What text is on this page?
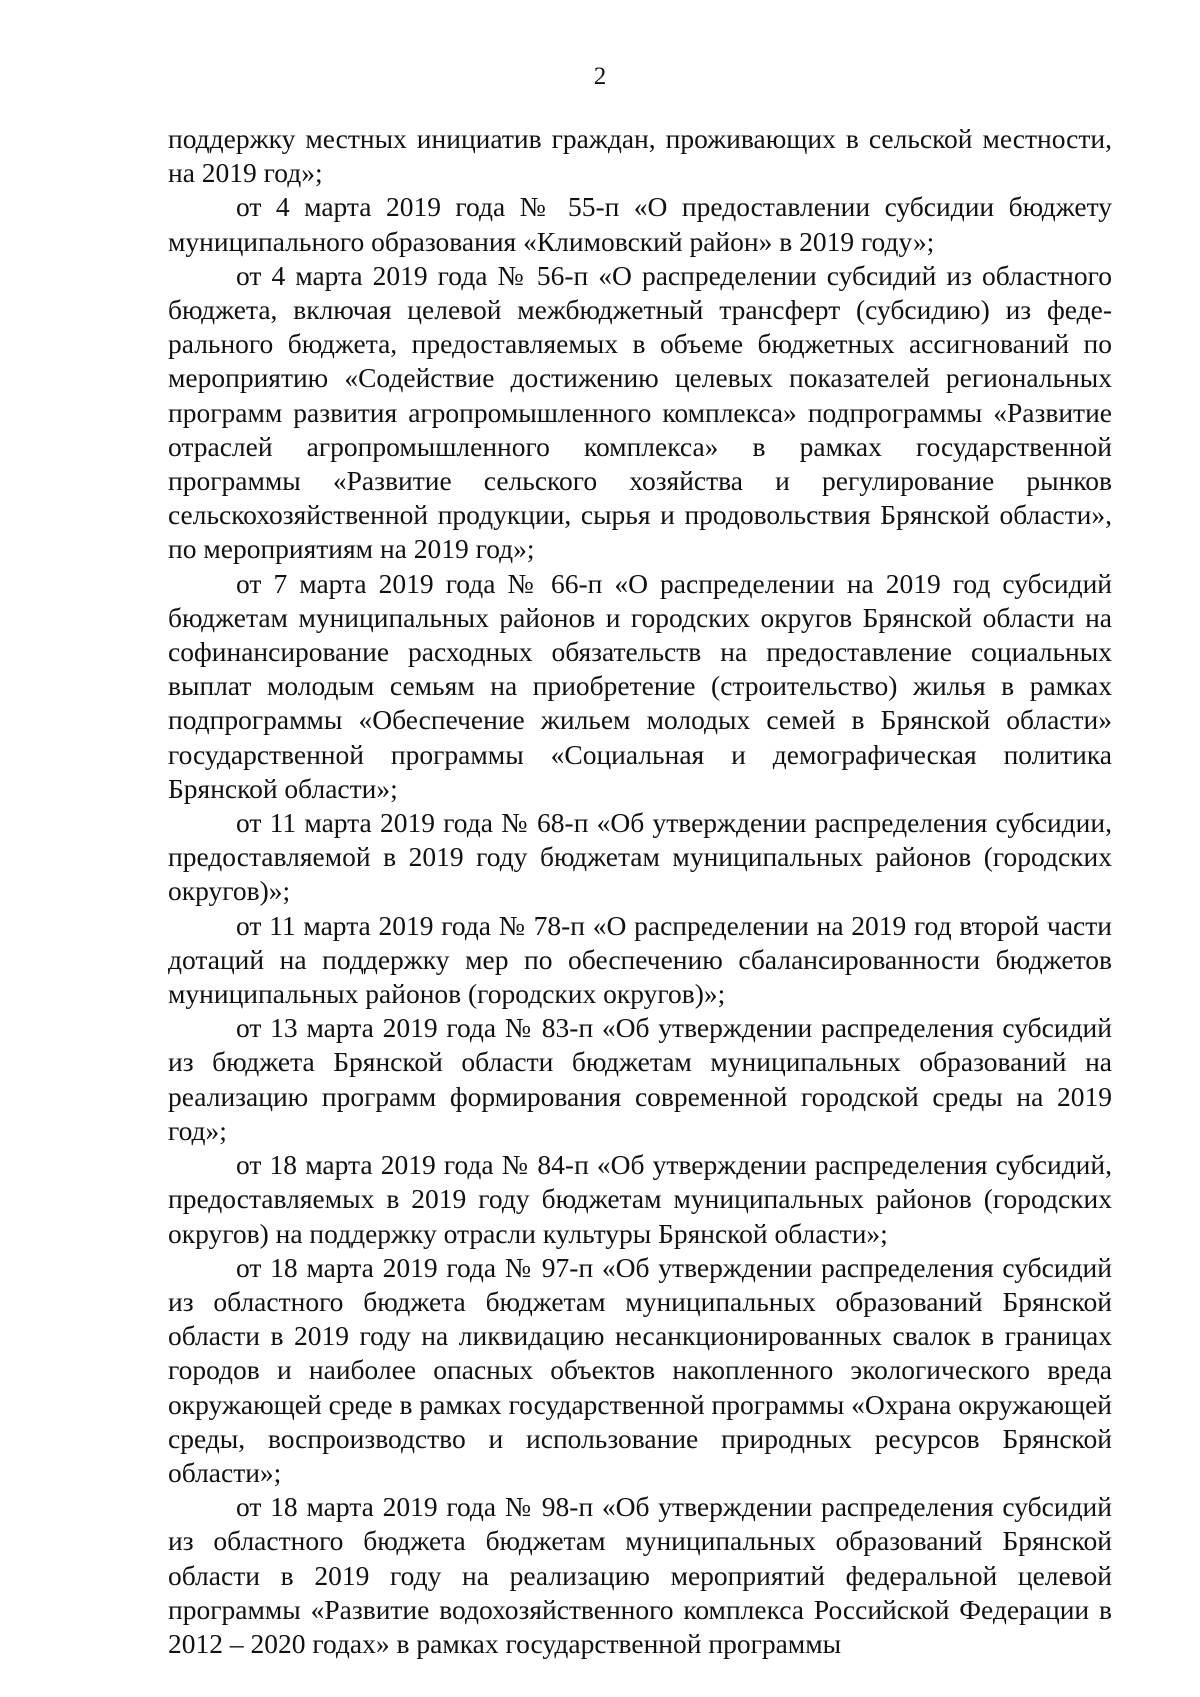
2

поддержку местных инициатив граждан, проживающих в сельской местности, на 2019 год»;

от 4 марта 2019 года № 55-п «О предоставлении субсидии бюджету муниципального образования «Климовский район» в 2019 году»;

от 4 марта 2019 года № 56-п «О распределении субсидий из областного бюджета, включая целевой межбюджетный трансферт (субсидию) из федерального бюджета, предоставляемых в объеме бюджетных ассигнований по мероприятию «Содействие достижению целевых показателей региональных программ развития агропромышленного комплекса» подпрограммы «Развитие отраслей агропромышленного комплекса» в рамках государственной программы «Развитие сельского хозяйства и регулирование рынков сельскохозяйственной продукции, сырья и продовольствия Брянской области», по мероприятиям на 2019 год»;

от 7 марта 2019 года № 66-п «О распределении на 2019 год субсидий бюджетам муниципальных районов и городских округов Брянской области на софинансирование расходных обязательств на предоставление социальных выплат молодым семьям на приобретение (строительство) жилья в рамках подпрограммы «Обеспечение жильем молодых семей в Брянской области» государственной программы «Социальная и демографическая политика Брянской области»;

от 11 марта 2019 года № 68-п «Об утверждении распределения субсидии, предоставляемой в 2019 году бюджетам муниципальных районов (городских округов)»;

от 11 марта 2019 года № 78-п «О распределении на 2019 год второй части дотаций на поддержку мер по обеспечению сбалансированности бюджетов муниципальных районов (городских округов)»;

от 13 марта 2019 года № 83-п «Об утверждении распределения субсидий из бюджета Брянской области бюджетам муниципальных образований на реализацию программ формирования современной городской среды на 2019 год»;

от 18 марта 2019 года № 84-п «Об утверждении распределения субсидий, предоставляемых в 2019 году бюджетам муниципальных районов (городских округов) на поддержку отрасли культуры Брянской области»;

от 18 марта 2019 года № 97-п «Об утверждении распределения субсидий из областного бюджета бюджетам муниципальных образований Брянской области в 2019 году на ликвидацию несанкционированных свалок в границах городов и наиболее опасных объектов накопленного экологического вреда окружающей среде в рамках государственной программы «Охрана окружающей среды, воспроизводство и использование природных ресурсов Брянской области»;

от 18 марта 2019 года № 98-п «Об утверждении распределения субсидий из областного бюджета бюджетам муниципальных образований Брянской области в 2019 году на реализацию мероприятий федеральной целевой программы «Развитие водохозяйственного комплекса Российской Федерации в 2012 – 2020 годах» в рамках государственной программы
